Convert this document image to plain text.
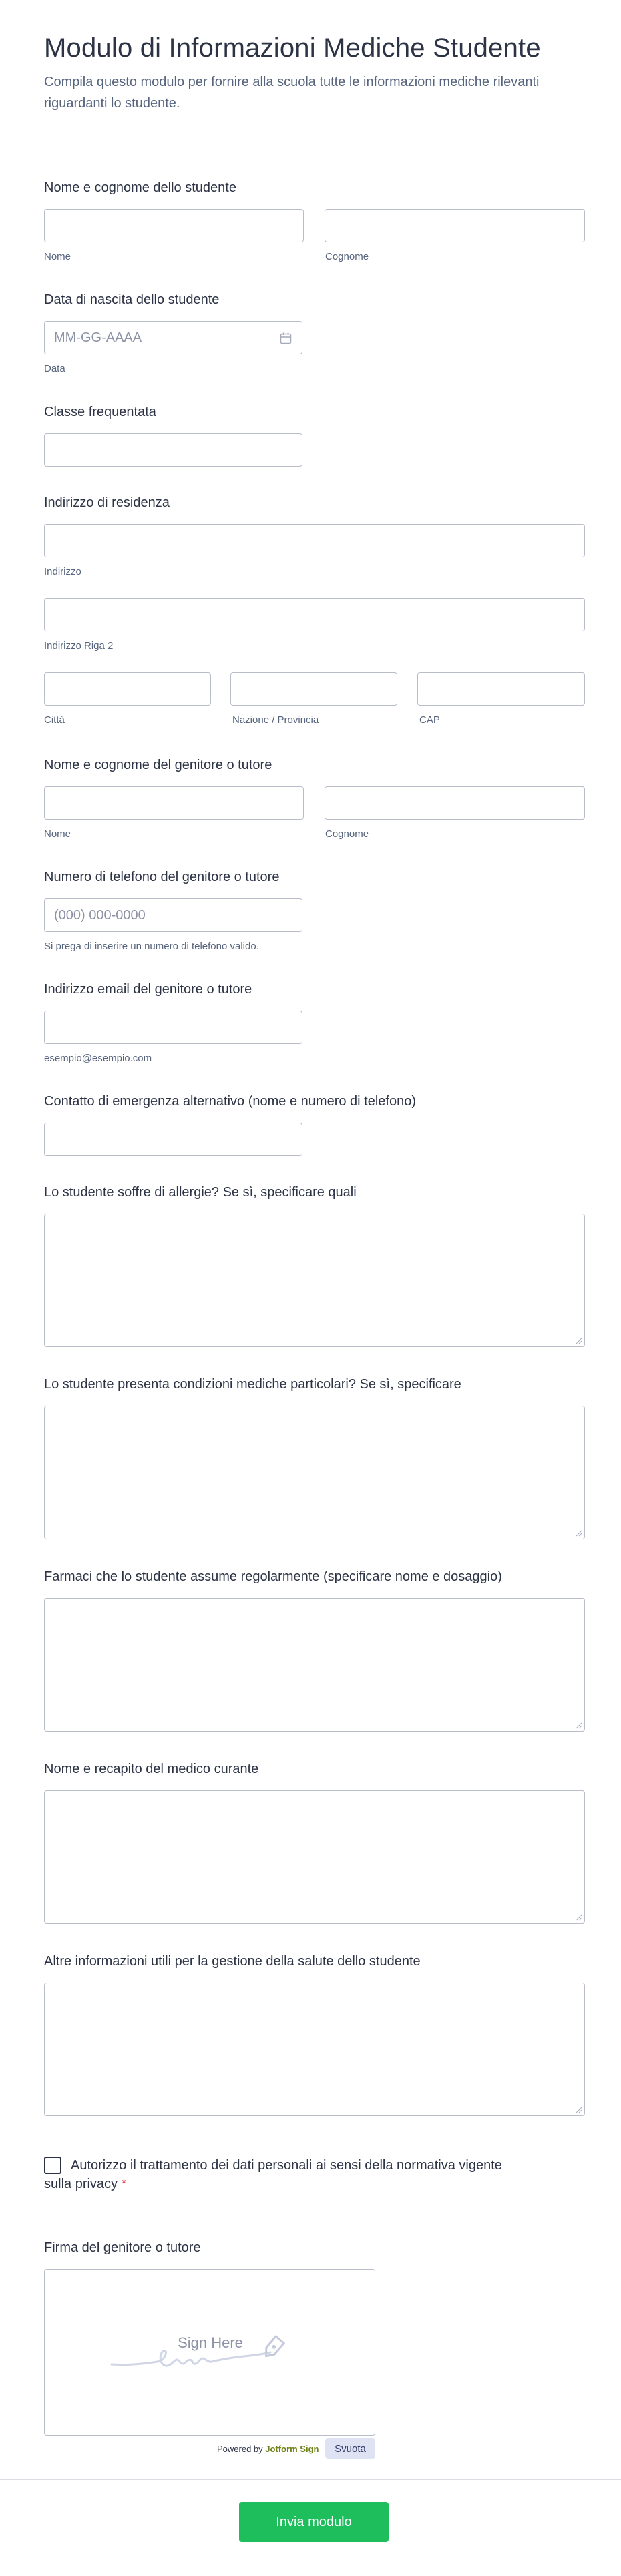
Modulo di Informazioni Mediche Studente

Compila questo modulo per fornire alla scuola tutte le informazioni mediche rilevanti riguardanti lo studente.

Nome e cognome dello studente
Nome	Cognome
Data di nascita dello studente
MM-GG-AAAA
Data
Classe frequentata
Indirizzo di residenza
Indirizzo
Indirizzo Riga 2
Città	Nazione / Provincia	CAP
Nome e cognome del genitore o tutore
Nome	Cognome
Numero di telefono del genitore o tutore
(000) 000-0000
Si prega di inserire un numero di telefono valido.
Indirizzo email del genitore o tutore
esempio@esempio.com
Contatto di emergenza alternativo (nome e numero di telefono)
Lo studente soffre di allergie? Se sì, specificare quali
Lo studente presenta condizioni mediche particolari? Se sì, specificare
Farmaci che lo studente assume regolarmente (specificare nome e dosaggio)
Nome e recapito del medico curante
Altre informazioni utili per la gestione della salute dello studente
Autorizzo il trattamento dei dati personali ai sensi della normativa vigente sulla privacy *
Firma del genitore o tutore
Sign Here
Powered by Jotform Sign	Svuota
Invia modulo
